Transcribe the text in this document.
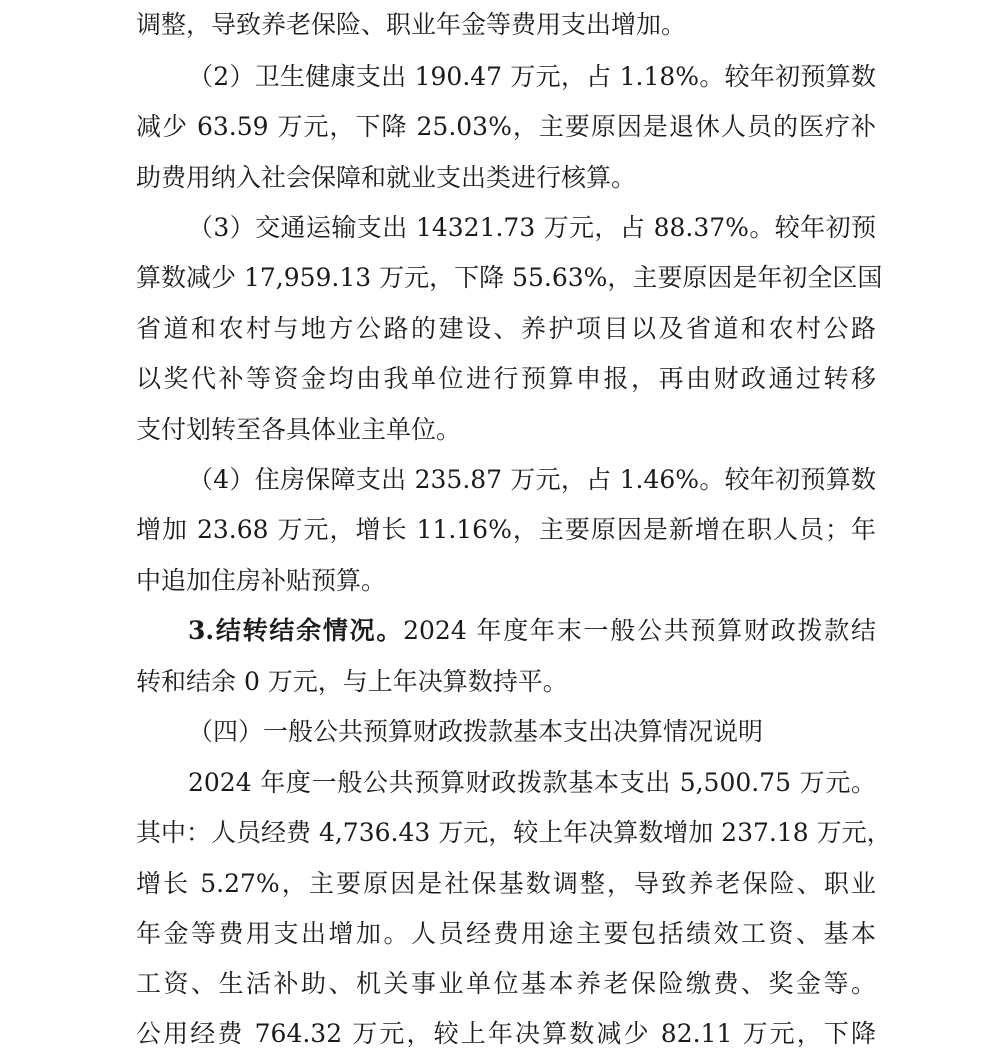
调整，导致养老保险、职业年金等费用支出增加。
（2）卫生健康支出 190.47 万元，占 1.18%。较年初预算数
减少 63.59 万元，下降 25.03%，主要原因是退休人员的医疗补
助费用纳入社会保障和就业支出类进行核算。
（3）交通运输支出 14321.73 万元，占 88.37%。较年初预
算数减少 17,959.13 万元，下降 55.63%，主要原因是年初全区国
省道和农村与地方公路的建设、养护项目以及省道和农村公路
以奖代补等资金均由我单位进行预算申报，再由财政通过转移
支付划转至各具体业主单位。
（4）住房保障支出 235.87 万元，占 1.46%。较年初预算数
增加 23.68 万元，增长 11.16%，主要原因是新增在职人员；年
中追加住房补贴预算。
3.结转结余情况。2024 年度年末一般公共预算财政拨款结
转和结余 0 万元，与上年决算数持平。
（四）一般公共预算财政拨款基本支出决算情况说明
2024 年度一般公共预算财政拨款基本支出 5,500.75 万元。
其中：人员经费 4,736.43 万元，较上年决算数增加 237.18 万元，
增长 5.27%，主要原因是社保基数调整，导致养老保险、职业
年金等费用支出增加。人员经费用途主要包括绩效工资、基本
工资、生活补助、机关事业单位基本养老保险缴费、奖金等。
公用经费 764.32 万元，较上年决算数减少 82.11 万元，下降
